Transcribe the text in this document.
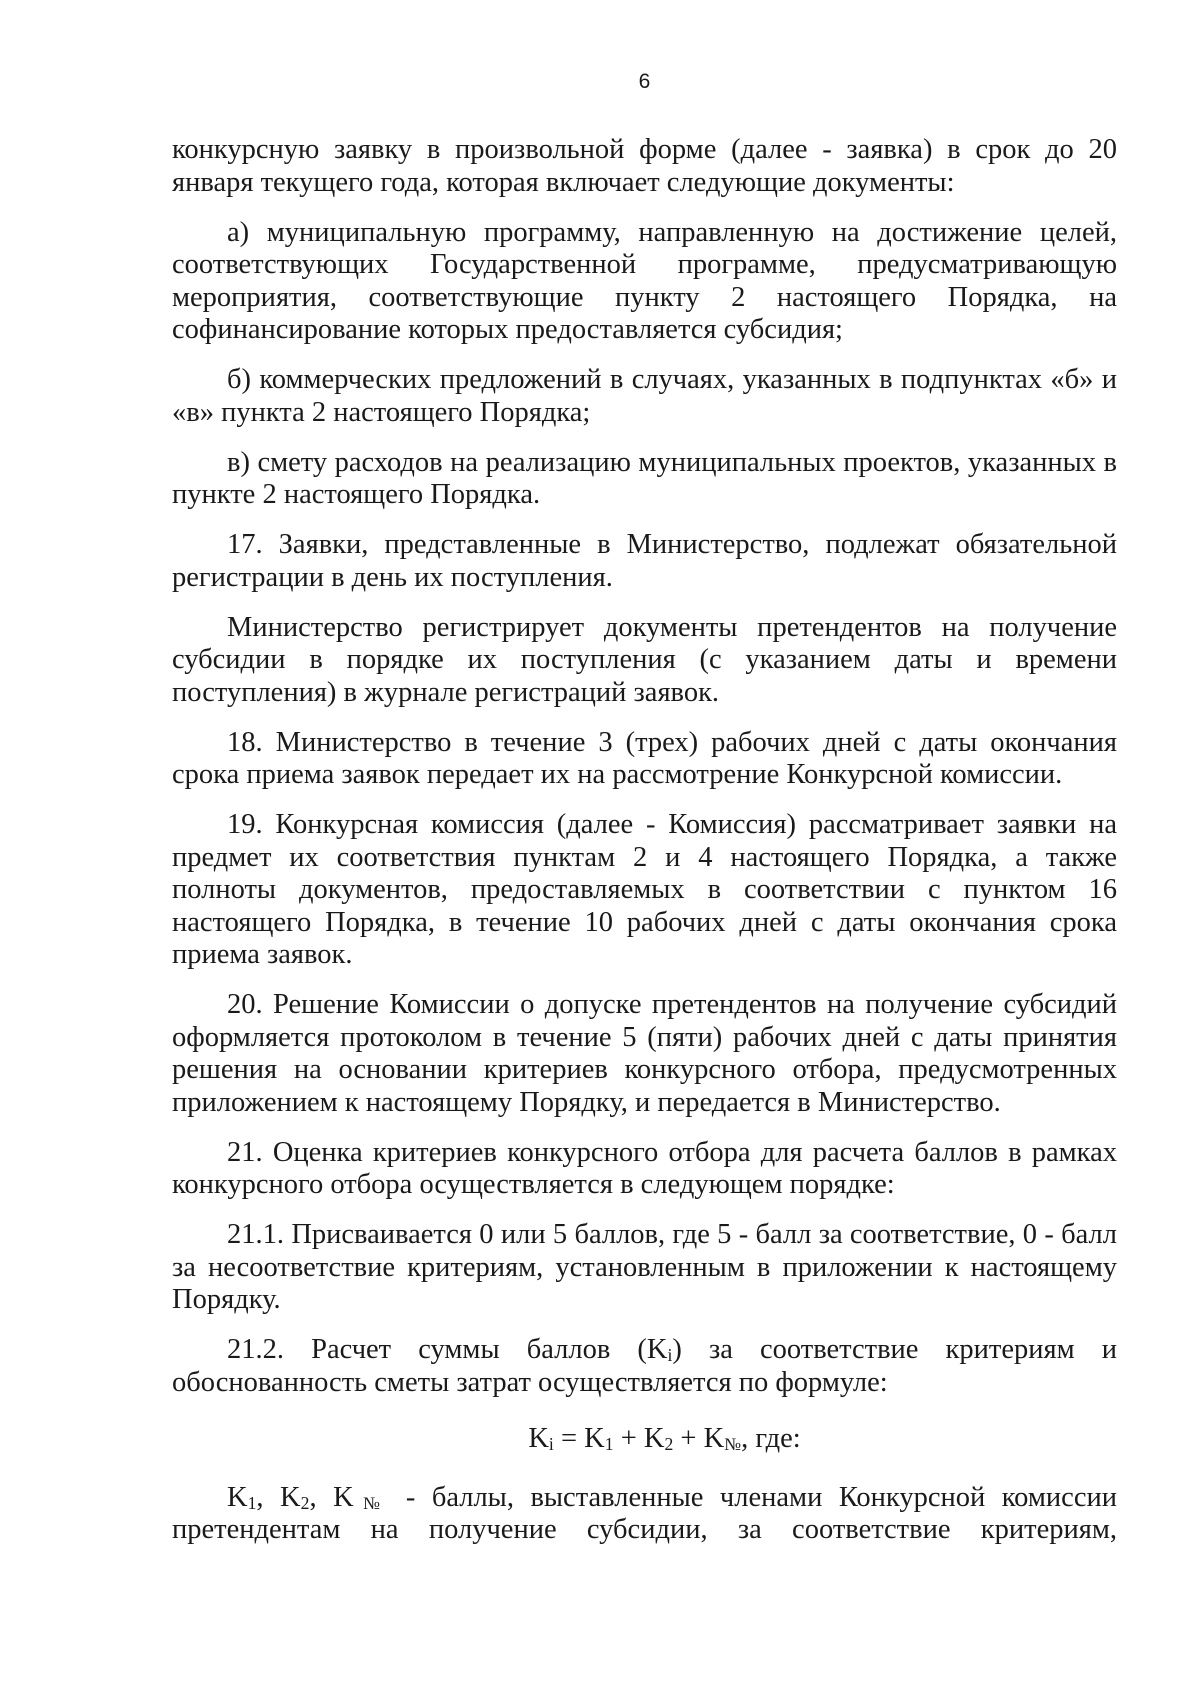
6

конкурсную заявку в произвольной форме (далее - заявка) в срок до 20 января текущего года, которая включает следующие документы:

а) муниципальную программу, направленную на достижение целей, соответствующих Государственной программе, предусматривающую мероприятия, соответствующие пункту 2 настоящего Порядка, на софинансирование которых предоставляется субсидия;

б) коммерческих предложений в случаях, указанных в подпунктах «б» и «в» пункта 2 настоящего Порядка;

в) смету расходов на реализацию муниципальных проектов, указанных в пункте 2 настоящего Порядка.

17. Заявки, представленные в Министерство, подлежат обязательной регистрации в день их поступления.

Министерство регистрирует документы претендентов на получение субсидии в порядке их поступления (с указанием даты и времени поступления) в журнале регистраций заявок.

18. Министерство в течение 3 (трех) рабочих дней с даты окончания срока приема заявок передает их на рассмотрение Конкурсной комиссии.

19. Конкурсная комиссия (далее - Комиссия) рассматривает заявки на предмет их соответствия пунктам 2 и 4 настоящего Порядка, а также полноты документов, предоставляемых в соответствии с пунктом 16 настоящего Порядка, в течение 10 рабочих дней с даты окончания срока приема заявок.

20. Решение Комиссии о допуске претендентов на получение субсидий оформляется протоколом в течение 5 (пяти) рабочих дней с даты принятия решения на основании критериев конкурсного отбора, предусмотренных приложением к настоящему Порядку, и передается в Министерство.

21. Оценка критериев конкурсного отбора для расчета баллов в рамках конкурсного отбора осуществляется в следующем порядке:

21.1. Присваивается 0 или 5 баллов, где 5 - балл за соответствие, 0 - балл за несоответствие критериям, установленным в приложении к настоящему Порядку.

21.2. Расчет суммы баллов $(K_i)$ за соответствие критериям и обоснованность сметы затрат осуществляется по формуле:

$K_i = K_1 + K_2 + K_№$, где:

$K_1$, $K_2$, $K_№$ - баллы, выставленные членами Конкурсной комиссии претендентам на получение субсидии, за соответствие критериям,
